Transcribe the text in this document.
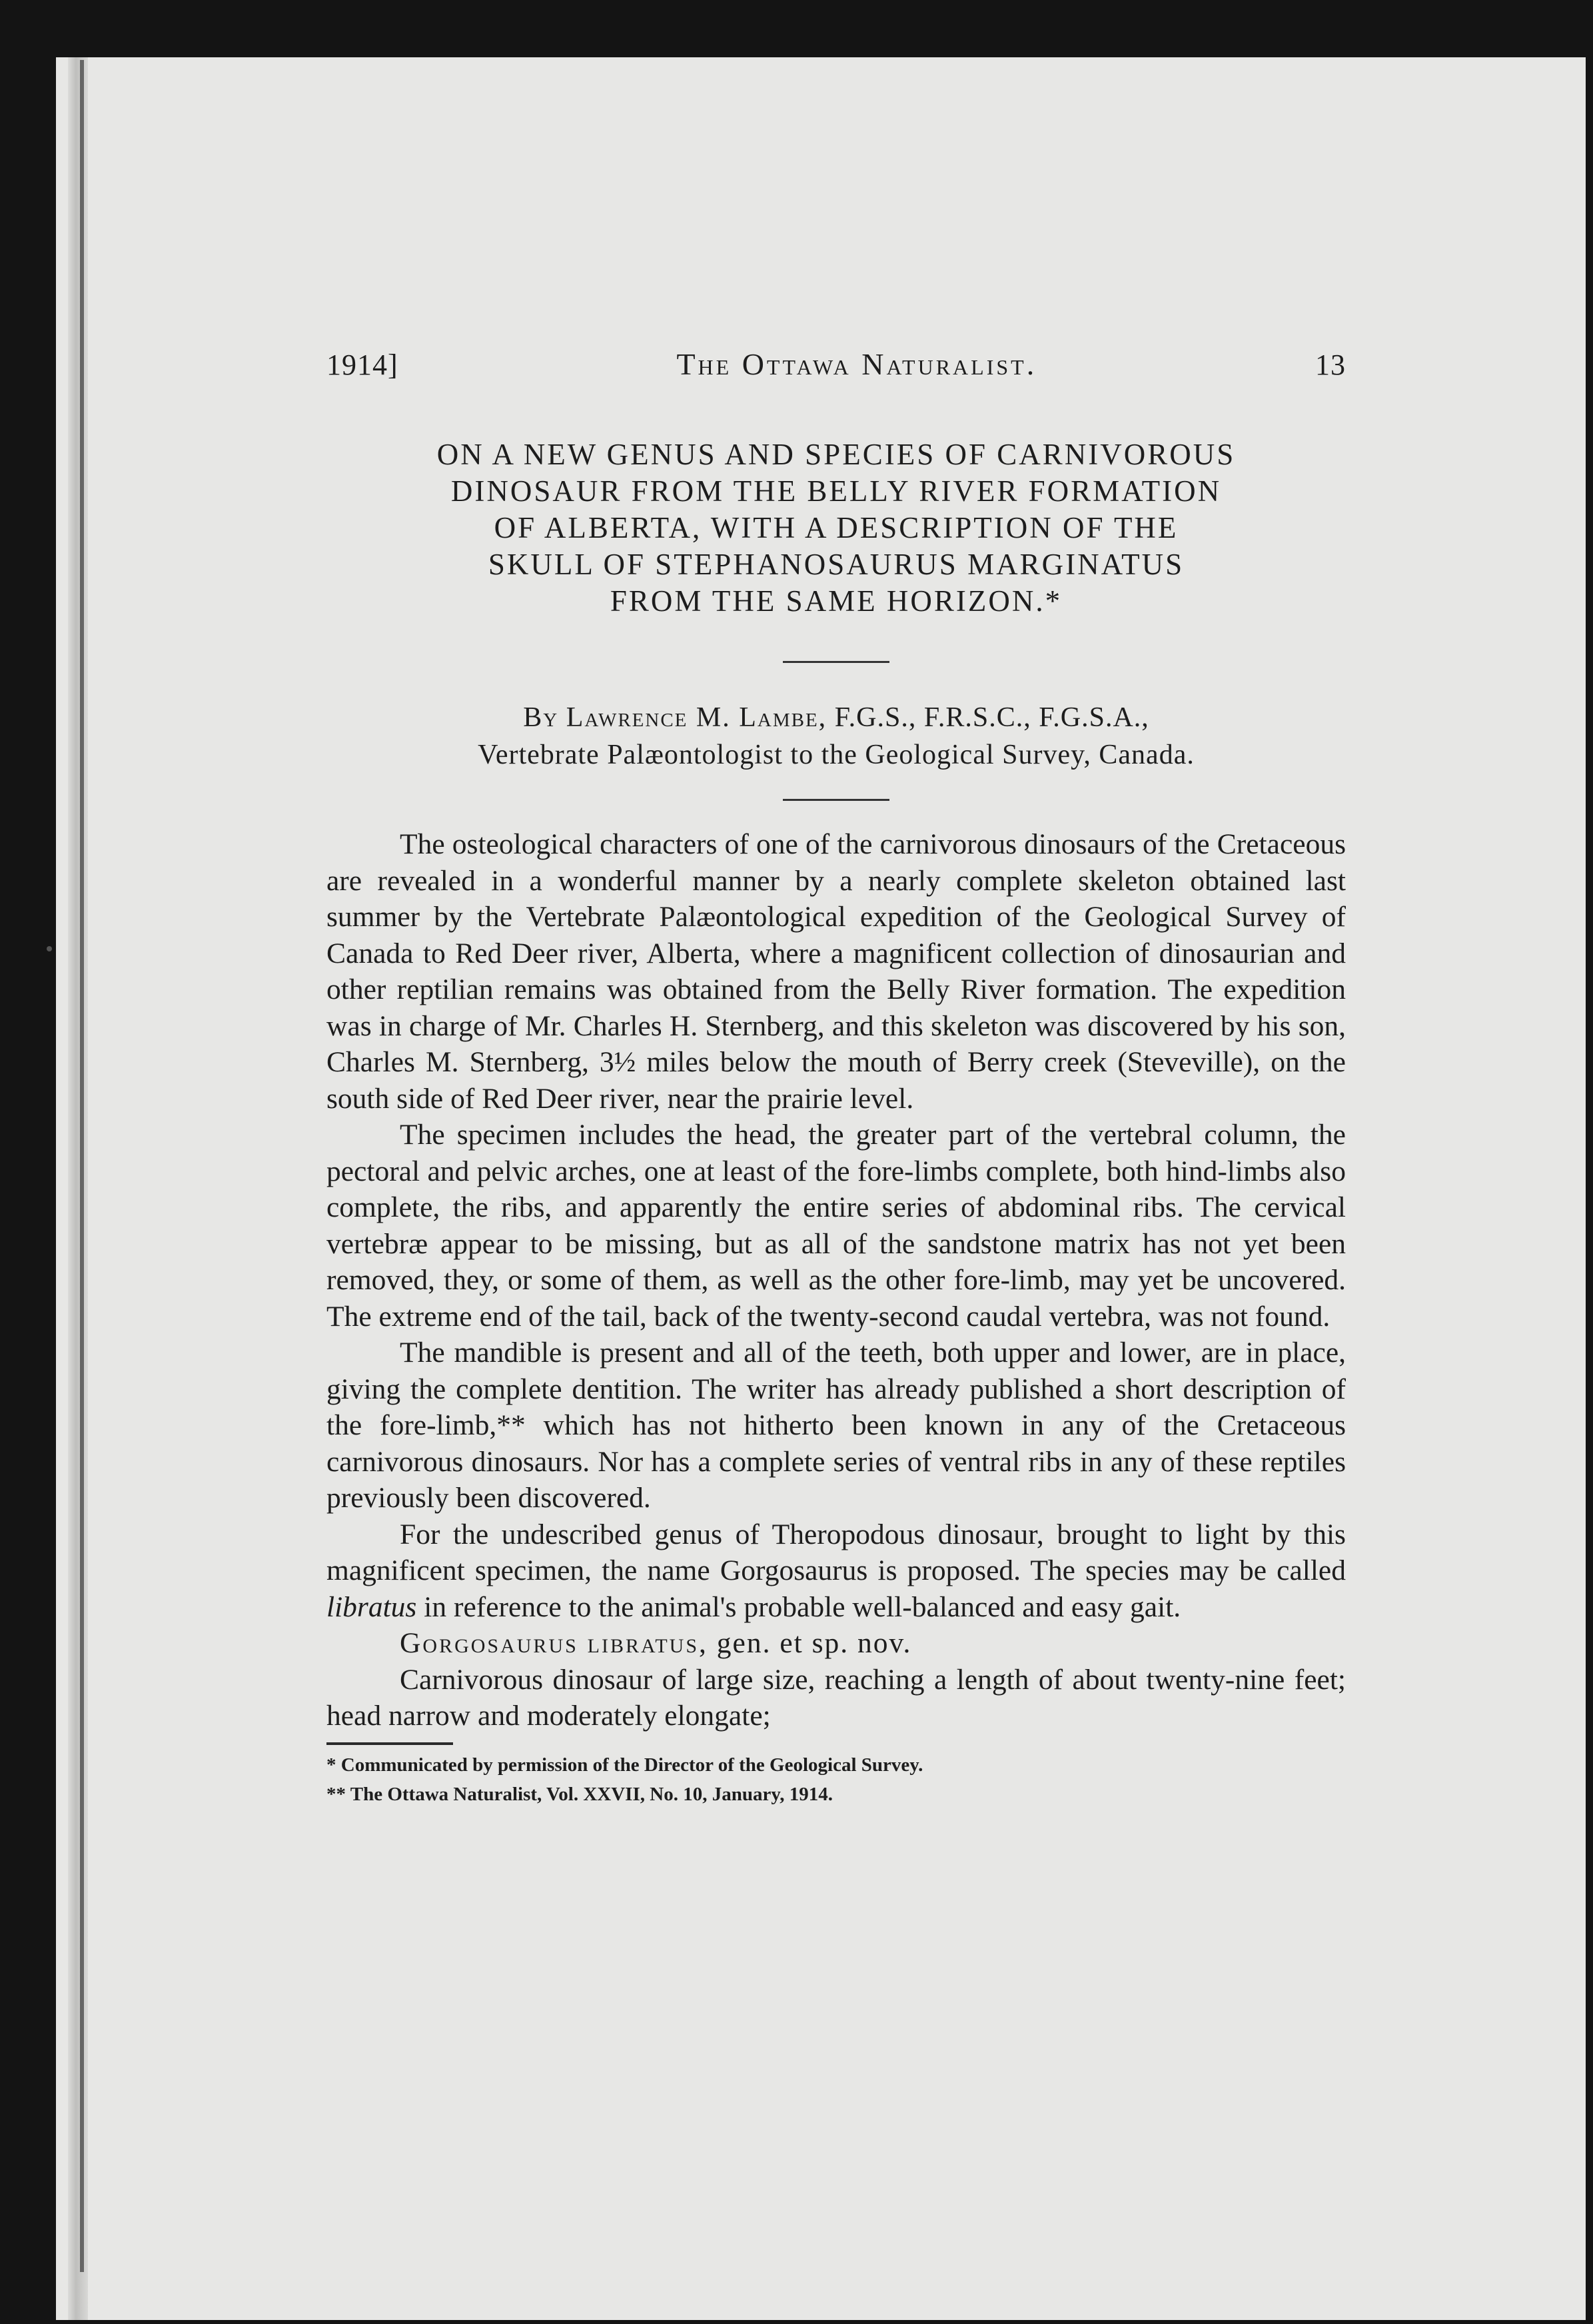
1914]	The Ottawa Naturalist.	13
ON A NEW GENUS AND SPECIES OF CARNIVOROUS
DINOSAUR FROM THE BELLY RIVER FORMATION
OF ALBERTA, WITH A DESCRIPTION OF THE
SKULL OF STEPHANOSAURUS MARGINATUS
FROM THE SAME HORIZON.*
By Lawrence M. Lambe, F.G.S., F.R.S.C., F.G.S.A.,
Vertebrate Palæontologist to the Geological Survey, Canada.

The osteological characters of one of the carnivorous dinosaurs of the Cretaceous are revealed in a wonderful manner by a nearly complete skeleton obtained last summer by the Vertebrate Palæontological expedition of the Geological Survey of Canada to Red Deer river, Alberta, where a magnificent collection of dinosaurian and other reptilian remains was obtained from the Belly River formation. The expedition was in charge of Mr. Charles H. Sternberg, and this skeleton was discovered by his son, Charles M. Sternberg, 3½ miles below the mouth of Berry creek (Steveville), on the south side of Red Deer river, near the prairie level.

The specimen includes the head, the greater part of the vertebral column, the pectoral and pelvic arches, one at least of the fore-limbs complete, both hind-limbs also complete, the ribs, and apparently the entire series of abdominal ribs. The cervical vertebræ appear to be missing, but as all of the sandstone matrix has not yet been removed, they, or some of them, as well as the other fore-limb, may yet be uncovered. The extreme end of the tail, back of the twenty-second caudal vertebra, was not found.

The mandible is present and all of the teeth, both upper and lower, are in place, giving the complete dentition. The writer has already published a short description of the fore-limb,** which has not hitherto been known in any of the Cretaceous carnivorous dinosaurs. Nor has a complete series of ventral ribs in any of these reptiles previously been discovered.

For the undescribed genus of Theropodous dinosaur, brought to light by this magnificent specimen, the name Gorgosaurus is proposed. The species may be called libratus in reference to the animal's probable well-balanced and easy gait.

Gorgosaurus libratus, gen. et sp. nov.

Carnivorous dinosaur of large size, reaching a length of about twenty-nine feet; head narrow and moderately elongate;

* Communicated by permission of the Director of the Geological Survey.
** The Ottawa Naturalist, Vol. XXVII, No. 10, January, 1914.
